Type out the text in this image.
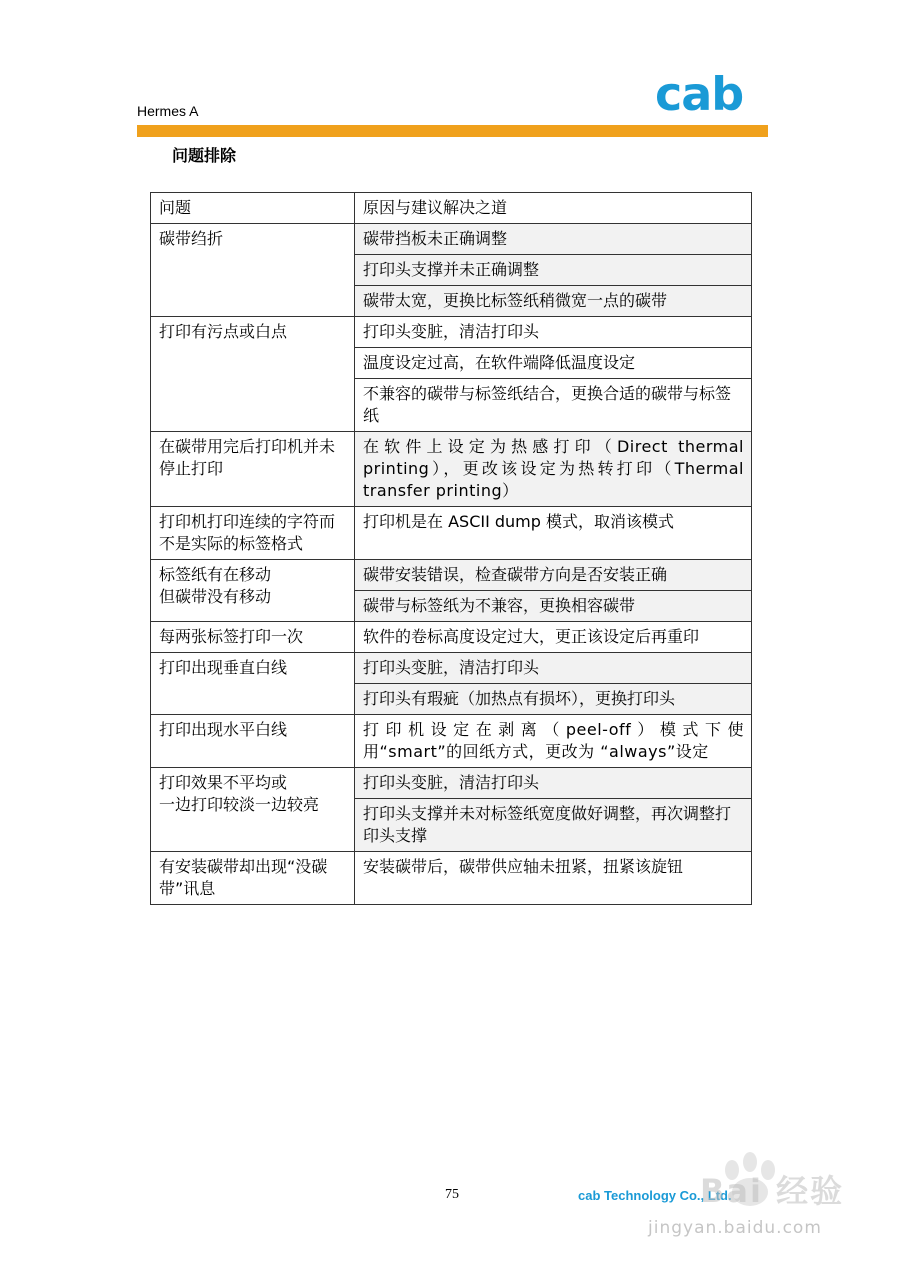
Hermes A	cab
问题排除
问题	原因与建议解决之道

碳带绉折	碳带挡板未正确调整
	打印头支撑并未正确调整
	碳带太宽，更换比标签纸稍微宽一点的碳带

打印有污点或白点	打印头变脏，清洁打印头
	温度设定过高，在软件端降低温度设定
	不兼容的碳带与标签纸结合，更换合适的碳带与标签纸

在碳带用完后打印机并未停止打印	在软件上设定为热感打印（Direct thermal printing），更改该设定为热转打印（Thermal transfer printing）

打印机打印连续的字符而不是实际的标签格式	打印机是在 ASCII dump 模式，取消该模式

标签纸有在移动
但碳带没有移动	碳带安装错误，检查碳带方向是否安装正确
	碳带与标签纸为不兼容，更换相容碳带

每两张标签打印一次	软件的卷标高度设定过大，更正该设定后再重印

打印出现垂直白线	打印头变脏，清洁打印头
	打印头有瑕疵（加热点有损坏），更换打印头

打印出现水平白线	打印机设定在剥离（peel-off）模式下使用“smart”的回纸方式，更改为 “always”设定

打印效果不平均或
一边打印较淡一边较亮	打印头变脏，清洁打印头
	打印头支撑并未对标签纸宽度做好调整，再次调整打印头支撑

有安装碳带却出现“没碳带”讯息	安装碳带后，碳带供应轴未扭紧，扭紧该旋钮
75	cab Technology Co., Ltd.
Bai 经验
jingyan.baidu.com
